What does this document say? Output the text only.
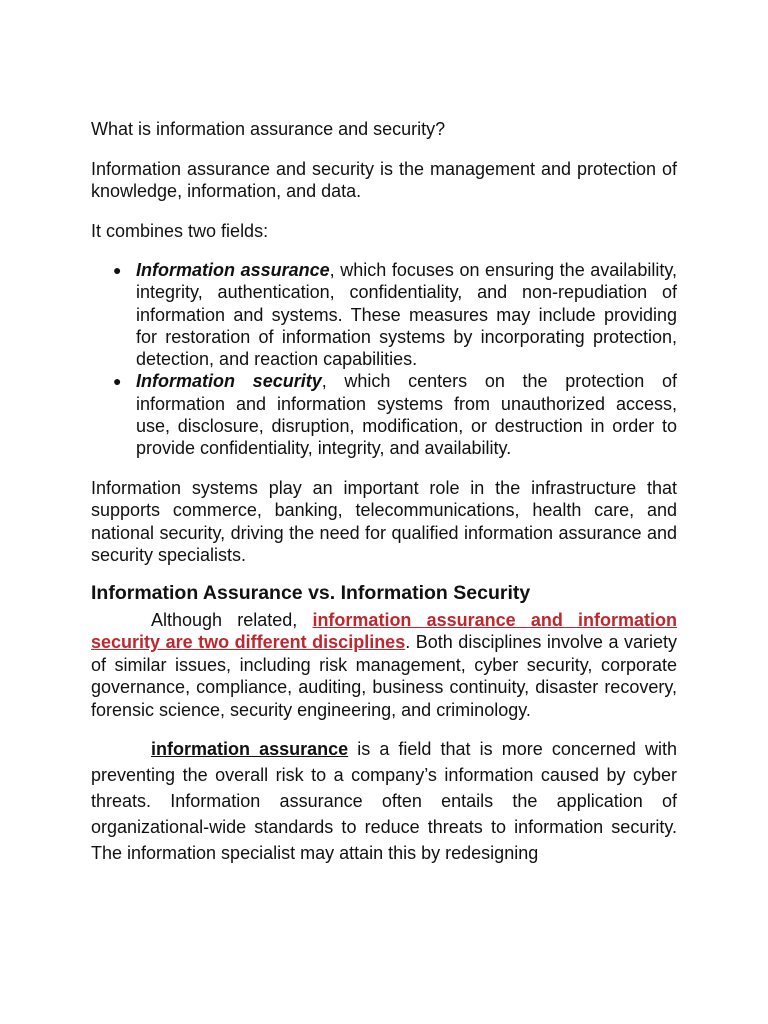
What is information assurance and security?

Information assurance and security is the management and protection of knowledge, information, and data.

It combines two fields:

● Information assurance, which focuses on ensuring the availability, integrity, authentication, confidentiality, and non-repudiation of information and systems. These measures may include providing for restoration of information systems by incorporating protection, detection, and reaction capabilities.
● Information security, which centers on the protection of information and information systems from unauthorized access, use, disclosure, disruption, modification, or destruction in order to provide confidentiality, integrity, and availability.

Information systems play an important role in the infrastructure that supports commerce, banking, telecommunications, health care, and national security, driving the need for qualified information assurance and security specialists.

Information Assurance vs. Information Security

Although related, information assurance and information security are two different disciplines. Both disciplines involve a variety of similar issues, including risk management, cyber security, corporate governance, compliance, auditing, business continuity, disaster recovery, forensic science, security engineering, and criminology.

information assurance is a field that is more concerned with preventing the overall risk to a company’s information caused by cyber threats. Information assurance often entails the application of organizational-wide standards to reduce threats to information security. The information specialist may attain this by redesigning
